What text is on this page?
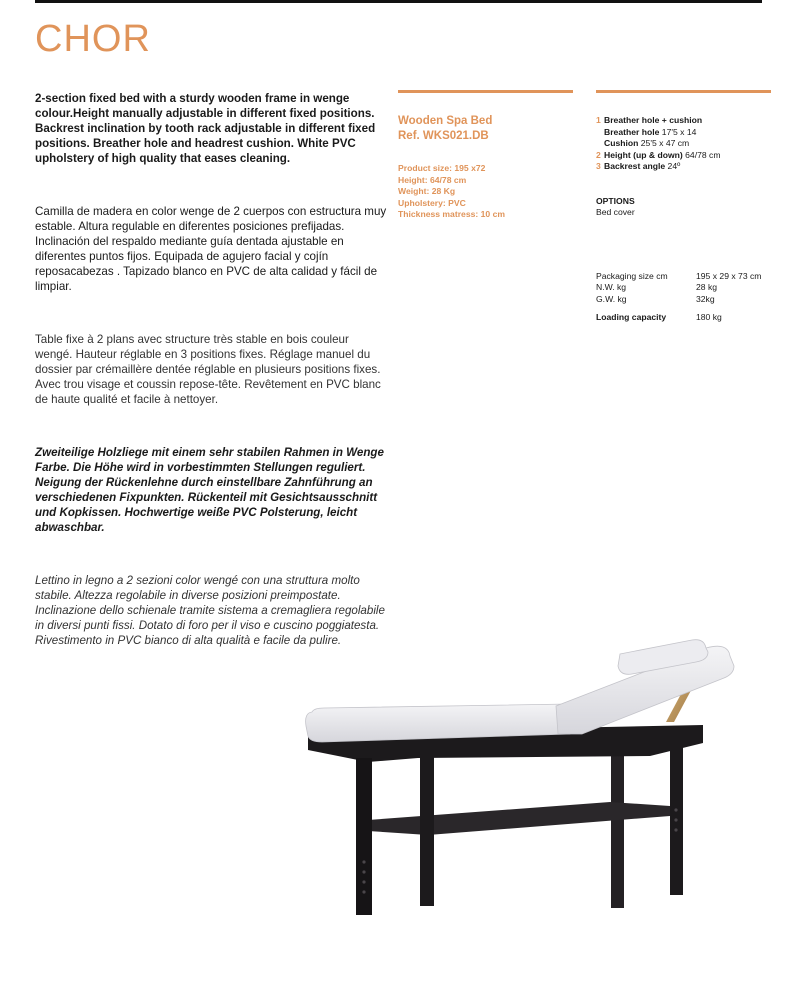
CHOR

2-section fixed bed with a sturdy wooden frame in wenge colour.Height manually adjustable in different fixed positions. Backrest inclination by tooth rack adjustable in different fixed positions. Breather hole and headrest cushion. White PVC upholstery of high quality that eases cleaning.

Camilla de madera en color wenge de 2 cuerpos con estructura muy estable. Altura regulable en diferentes posiciones prefijadas. Inclinación del respaldo mediante guía dentada ajustable en diferentes puntos fijos. Equipada de agujero facial y cojín reposacabezas . Tapizado blanco en PVC de alta calidad y fácil de limpiar.

Table fixe à 2 plans avec structure très stable en bois couleur wengé. Hauteur réglable en 3 positions fixes. Réglage manuel du dossier par crémaillère dentée réglable en plusieurs positions fixes. Avec trou visage et coussin repose-tête. Revêtement en PVC blanc de haute qualité et facile à nettoyer.

Zweiteilige Holzliege mit einem sehr stabilen Rahmen in Wenge Farbe. Die Höhe wird in vorbestimmten Stellungen reguliert. Neigung der Rückenlehne durch einstellbare Zahnführung an verschiedenen Fixpunkten. Rückenteil mit Gesichtsausschnitt und Kopkissen. Hochwertige weiße PVC Polsterung, leicht abwaschbar.

Lettino in legno a 2 sezioni color wengé con una struttura molto stabile. Altezza regolabile in diverse posizioni preimpostate. Inclinazione dello schienale tramite sistema a cremagliera regolabile in diversi punti fissi. Dotato di foro per il viso e cuscino poggiatesta. Rivestimento in PVC bianco di alta qualità e facile da pulire.

Wooden Spa Bed
Ref. WKS021.DB
Product size: 195 x72
Height: 64/78 cm
Weight: 28 Kg
Upholstery: PVC
Thickness matress: 10 cm
1 Breather hole + cushion
Breather hole 17'5 x 14
Cushion 25'5 x 47 cm
2 Height (up & down) 64/78 cm
3 Backrest angle 24º
OPTIONS
Bed cover
Packaging size cm	195 x 29 x 73 cm
N.W. kg	28 kg
G.W. kg	32kg
Loading capacity	180 kg
